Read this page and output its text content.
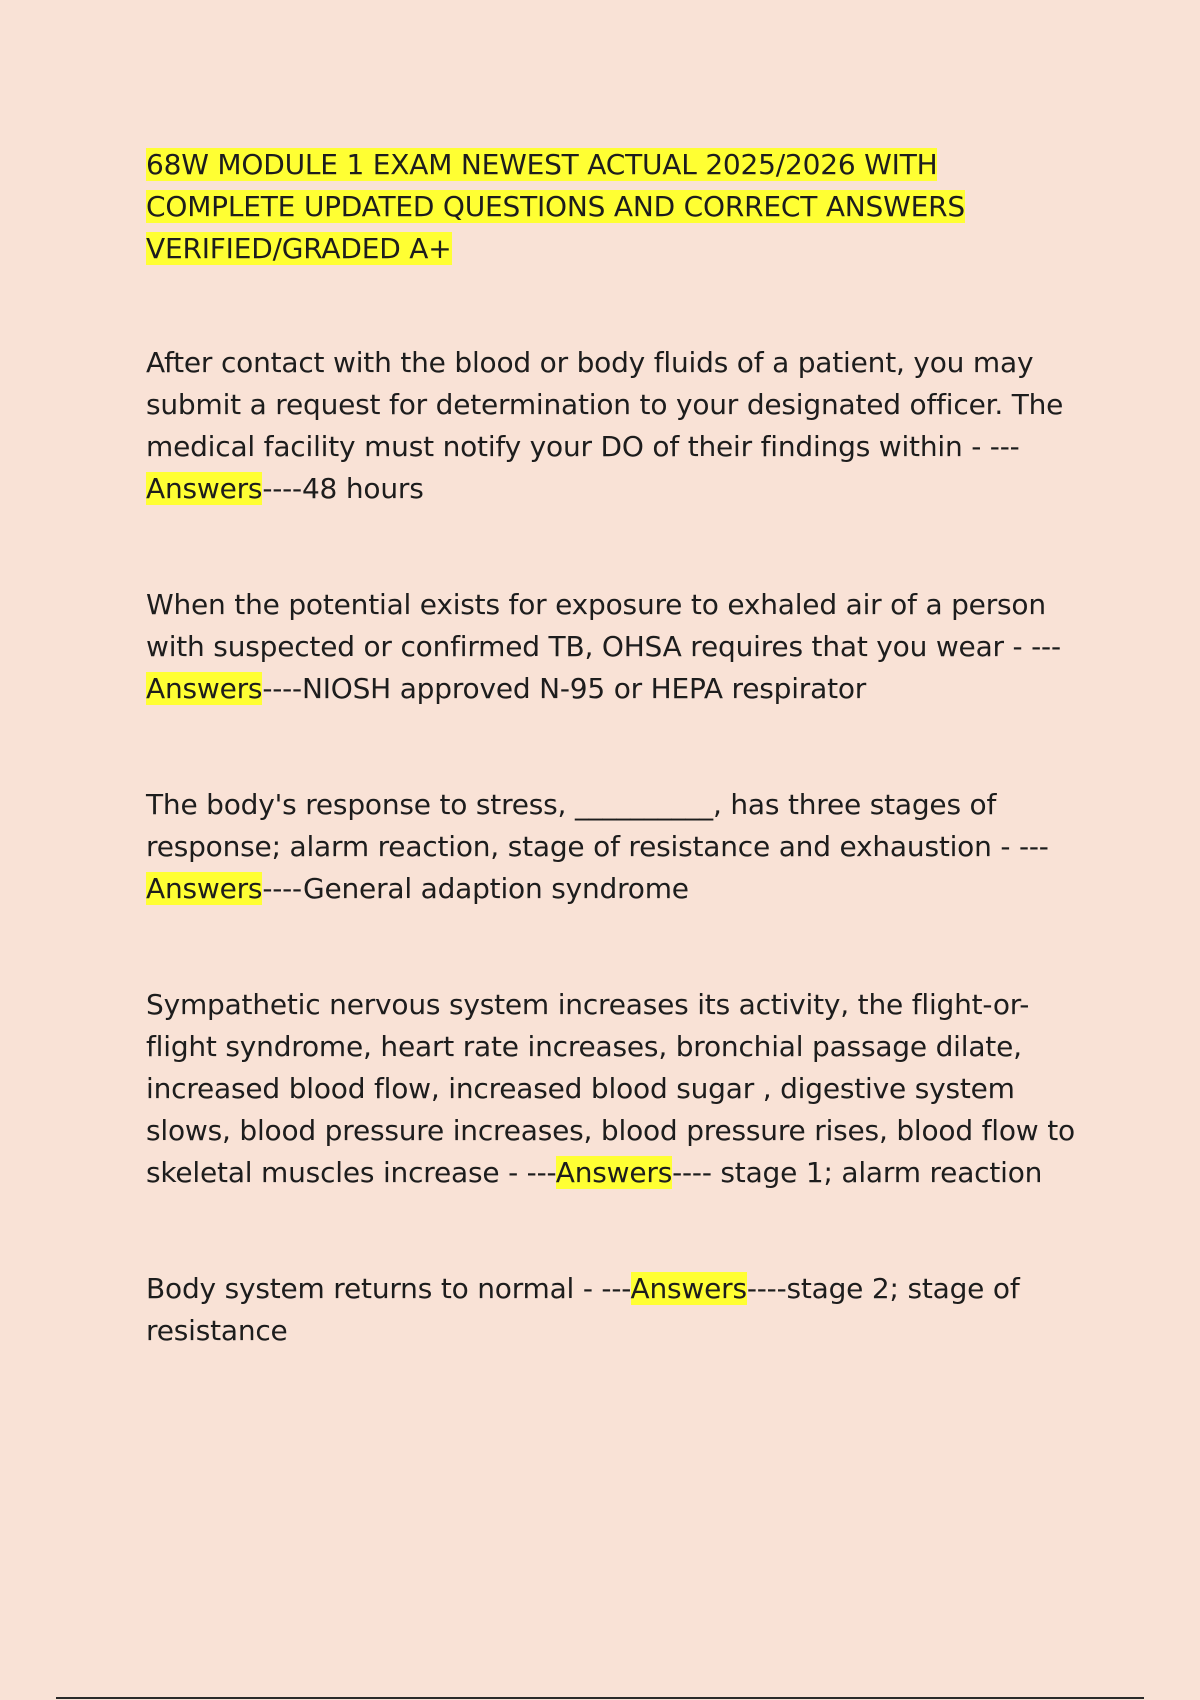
68W MODULE 1 EXAM NEWEST ACTUAL 2025/2026 WITH COMPLETE UPDATED QUESTIONS AND CORRECT ANSWERS VERIFIED/GRADED A+

After contact with the blood or body fluids of a patient, you may submit a request for determination to your designated officer. The medical facility must notify your DO of their findings within - ---Answers----48 hours

When the potential exists for exposure to exhaled air of a person with suspected or confirmed TB, OHSA requires that you wear - ---Answers----NIOSH approved N-95 or HEPA respirator

The body's response to stress, __________, has three stages of response; alarm reaction, stage of resistance and exhaustion - ---Answers----General adaption syndrome

Sympathetic nervous system increases its activity, the flight-or-flight syndrome, heart rate increases, bronchial passage dilate, increased blood flow, increased blood sugar , digestive system slows, blood pressure increases, blood pressure rises, blood flow to skeletal muscles increase - ---Answers---- stage 1; alarm reaction

Body system returns to normal - ---Answers----stage 2; stage of resistance
